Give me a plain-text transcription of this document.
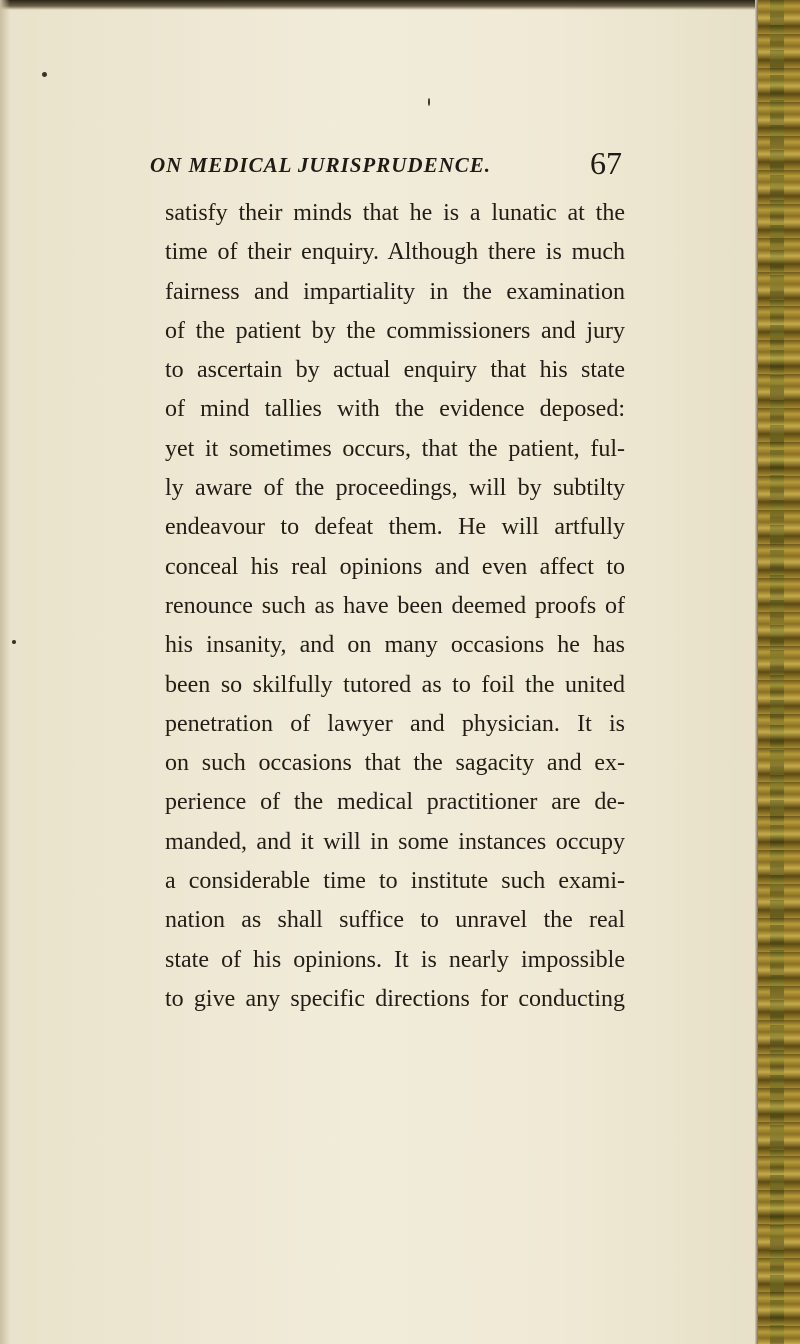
ON MEDICAL JURISPRUDENCE.	67
satisfy their minds that he is a lunatic at the
time of their enquiry. Although there is much
fairness and impartiality in the examination
of the patient by the commissioners and jury
to ascertain by actual enquiry that his state
of mind tallies with the evidence deposed:
yet it sometimes occurs, that the patient, ful-
ly aware of the proceedings, will by subtilty
endeavour to defeat them. He will artfully
conceal his real opinions and even affect to
renounce such as have been deemed proofs of
his insanity, and on many occasions he has
been so skilfully tutored as to foil the united
penetration of lawyer and physician. It is
on such occasions that the sagacity and ex-
perience of the medical practitioner are de-
manded, and it will in some instances occupy
a considerable time to institute such exami-
nation as shall suffice to unravel the real
state of his opinions. It is nearly impossible
to give any specific directions for conducting
